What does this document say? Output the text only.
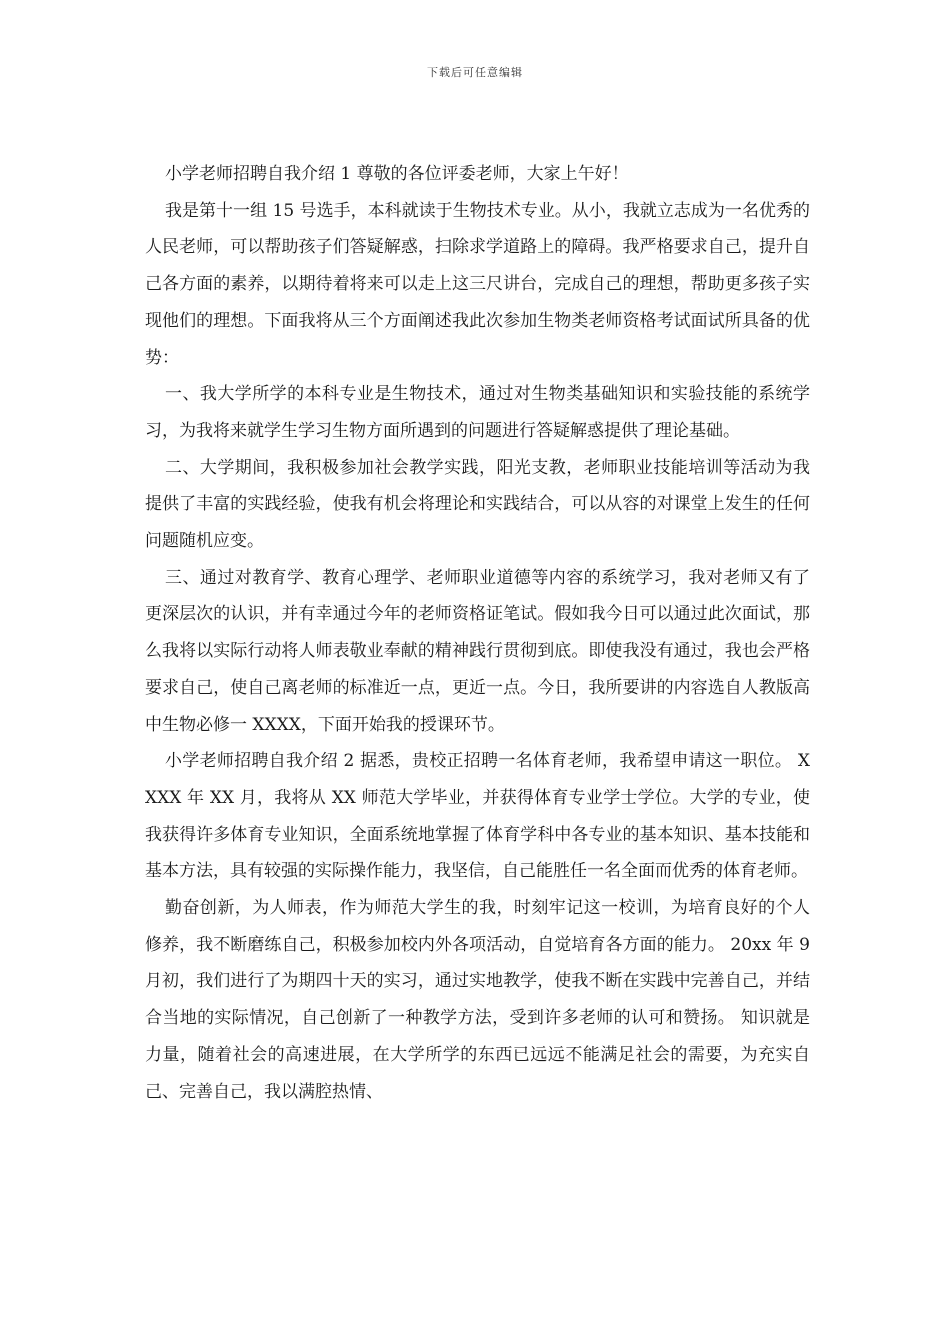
下载后可任意编辑

小学老师招聘自我介绍 1 尊敬的各位评委老师，大家上午好！

我是第十一组 15 号选手，本科就读于生物技术专业。从小，我就立志成为一名优秀的人民老师，可以帮助孩子们答疑解惑，扫除求学道路上的障碍。我严格要求自己，提升自己各方面的素养，以期待着将来可以走上这三尺讲台，完成自己的理想，帮助更多孩子实现他们的理想。下面我将从三个方面阐述我此次参加生物类老师资格考试面试所具备的优势：

一、我大学所学的本科专业是生物技术，通过对生物类基础知识和实验技能的系统学习，为我将来就学生学习生物方面所遇到的问题进行答疑解惑提供了理论基础。

二、大学期间，我积极参加社会教学实践，阳光支教，老师职业技能培训等活动为我提供了丰富的实践经验，使我有机会将理论和实践结合，可以从容的对课堂上发生的任何问题随机应变。

三、通过对教育学、教育心理学、老师职业道德等内容的系统学习，我对老师又有了更深层次的认识，并有幸通过今年的老师资格证笔试。假如我今日可以通过此次面试，那么我将以实际行动将人师表敬业奉献的精神践行贯彻到底。即使我没有通过，我也会严格要求自己，使自己离老师的标准近一点，更近一点。今日，我所要讲的内容选自人教版高中生物必修一 XXXX，下面开始我的授课环节。

小学老师招聘自我介绍 2 据悉，贵校正招聘一名体育老师，我希望申请这一职位。 XXXX 年 XX 月，我将从 XX 师范大学毕业，并获得体育专业学士学位。大学的专业，使我获得许多体育专业知识，全面系统地掌握了体育学科中各专业的基本知识、基本技能和基本方法，具有较强的实际操作能力，我坚信，自己能胜任一名全面而优秀的体育老师。

勤奋创新，为人师表，作为师范大学生的我，时刻牢记这一校训，为培育良好的个人修养，我不断磨练自己，积极参加校内外各项活动，自觉培育各方面的能力。 20xx 年 9 月初，我们进行了为期四十天的实习，通过实地教学，使我不断在实践中完善自己，并结合当地的实际情况，自己创新了一种教学方法，受到许多老师的认可和赞扬。 知识就是力量，随着社会的高速进展，在大学所学的东西已远远不能满足社会的需要，为充实自己、完善自己，我以满腔热情、
